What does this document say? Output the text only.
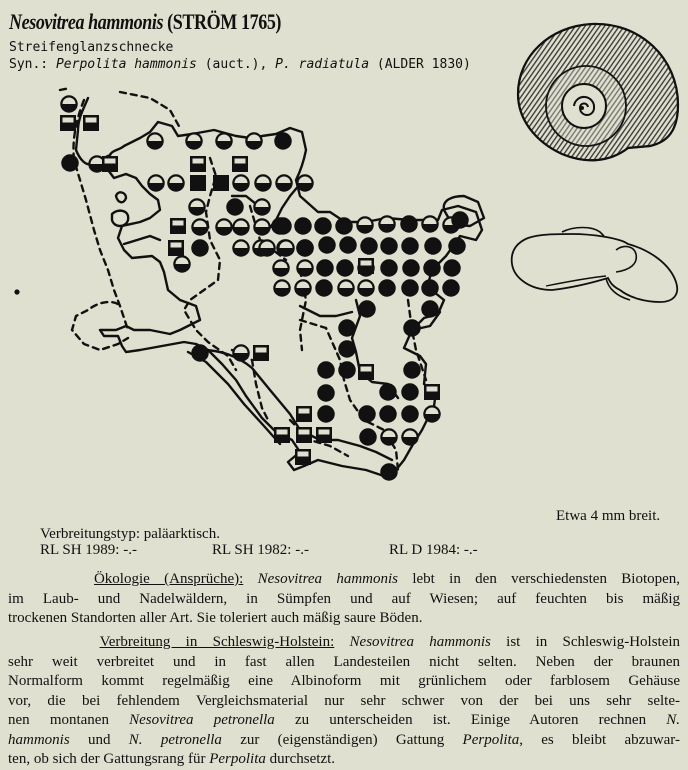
Nesovitrea hammonis (STRÖM 1765)
Streifenglanzschnecke
Syn.: Perpolita hammonis (auct.), P. radiatula (ALDER 1830)
Etwa 4 mm breit.
Verbreitungstyp: paläarktisch.
RL SH 1989: -.-	RL SH 1982: -.-	RL D 1984: -.-
Ökologie (Ansprüche): Nesovitrea hammonis lebt in den verschiedensten Biotopen,
im Laub- und Nadelwäldern, in Sümpfen und auf Wiesen; auf feuchten bis mäßig
trockenen Standorten aller Art. Sie toleriert auch mäßig saure Böden.
Verbreitung in Schleswig-Holstein: Nesovitrea hammonis ist in Schleswig-Holstein
sehr weit verbreitet und in fast allen Landesteilen nicht selten. Neben der braunen
Normalform kommt regelmäßig eine Albinoform mit grünlichem oder farblosem Gehäuse
vor, die bei fehlendem Vergleichsmaterial nur sehr schwer von der bei uns sehr selte-
nen montanen Nesovitrea petronella zu unterscheiden ist. Einige Autoren rechnen N.
hammonis und N. petronella zur (eigenständigen) Gattung Perpolita, es bleibt abzuwar-
ten, ob sich der Gattungsrang für Perpolita durchsetzt.
